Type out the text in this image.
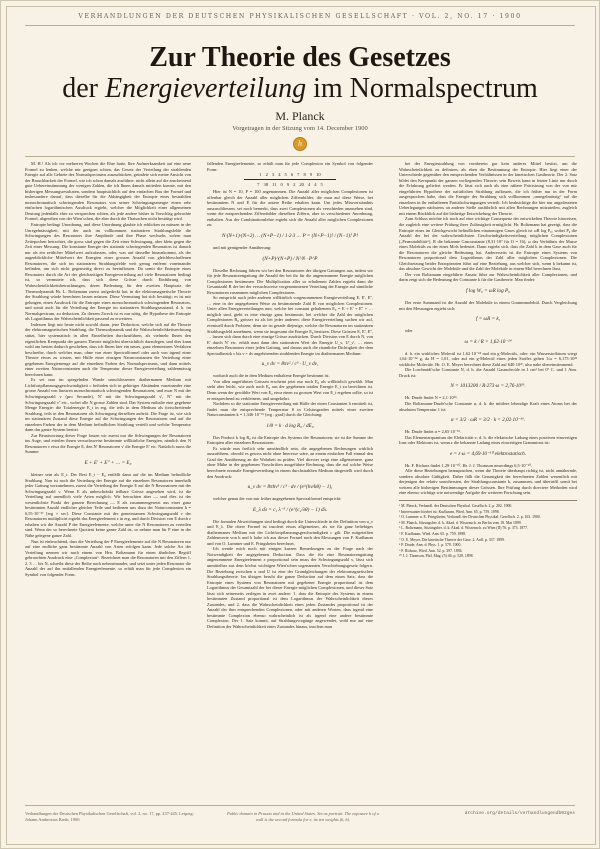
VERHANDLUNGEN DER DEUTSCHEN PHYSIKALISCHEN GESELLSCHAFT · VOL. 2, NO. 17 · 1900
Zur Theorie des Gesetzes
der Energieverteilung im Normalspectrum
M. Planck
Vorgetragen in der Sitzung vom 14. December 1900
h

M. H.! Als ich vor mehreren Wochen die Ehre hatte, Ihre Aufmerksamkeit auf eine neue Formel zu lenken, welche mir geeignet schien, das Gesetz der Verteilung der strahlenden Energie auf alle Gebiete des Normalspectrums auszudrücken, gründete sich meine Ansicht von der Brauchbarkeit der Formel, wie ich schon damals ausführte, nicht allein auf die anscheinend gute Uebereinstimmung der wenigen Zahlen, die ich Ihnen damals mitteilen konnte, mit den bisherigen Messungsresultaten, sondern hauptsächlich auf den einfachen Bau der Formel und insbesondere darauf, dass dieselbe für die Abhängigkeit der Entropie eines bestrahlten monochromatisch schwingenden Resonators von seiner Schwingungsenergie einen sehr einfachen logarithmischen Ausdruck ergiebt, welcher die Möglichkeit einer allgemeinen Deutung jedenfalls eher zu versprechen schien, als jede andere bisher in Vorschlag gebrachte Formel, abgesehen von der Wien'schen, die aber durch die Thatsachen nicht bestätigt wird.

Entropie bedingt Unordnung, und diese Unordnung glaubte ich erblicken zu müssen in der Unregelmässigkeit, mit der auch im vollkommen stationären Strahlungsfelde die Schwingungen des Resonators ihre Amplitude und ihre Phase wechseln, sofern man Zeitepochen betrachtet, die gross sind gegen die Zeit einer Schwingung, aber klein gegen die Zeit einer Messung. Die konstante Energie des stationär schwingenden Resonators ist danach nur als ein zeitlicher Mittelwert aufzufassen, oder, was auf dasselbe hinauskommt, als der augenblickliche Mittelwert der Energien einer grossen Anzahl von gleichbeschaffenen Resonatoren, die sich im stationären Strahlungsfelde weit genug entfernt voneinander befinden, um sich nicht gegenseitig direct zu beeinflussen. Da somit die Entropie eines Resonators durch die Art der gleichzeitigen Energieverteilung auf viele Resonatoren bedingt ist, so vermutete ich, dass sich diese Grösse durch Einführung von Wahrscheinlichkeitsbetrachtungen, deren Bedeutung für den zweiten Hauptsatz der Thermodynamik Hr. L. Boltzmann zuerst aufgedeckt hat, in die elektromagnetische Theorie der Strahlung würde berechnen lassen müssen. Diese Vermutung hat sich bestätigt; es ist mir gelungen, einen Ausdruck für die Entropie eines monochromatisch schwingenden Resonators, und somit auch für die Verteilung der Energie im stationären Strahlungszustand, d. h. im Normalspectrum, zu deduciren. Zu diesem Zweck ist es nur nötig, die Hypothese der Entropie als Logarithmus der Wahrscheinlichkeit passend zu erweitern.

Indessen liegt mir heute nicht sowohl daran, jene Deduction, welche sich auf die Theorie der elektromagnetischen Strahlung, die Thermodynamik und die Wahrscheinlichkeitsrechnung stützt, hier systematisch in allen Einzelheiten durchzuführen, als vielmehr Ihnen den eigentlichen Kernpunkt der ganzen Theorie möglichst übersichtlich darzulegen, und dies kann wohl am besten dadurch geschehen, dass ich Ihnen hier ein neues, ganz elementares Verfahren beschreibe, durch welches man, ohne von einer Spectralformel oder auch von irgend einer Theorie etwas zu wissen, mit Hülfe einer einzigen Naturconstanten die Verteilung einer gegebenen Energiemenge auf die einzelnen Farben des Normalspectrums, und dann mittels einer zweiten Naturconstanten auch die Temperatur dieser Energieverteilung zahlenmässig berechnen kann.

Es sei nun im spiegelnden Wande umschlossenen diathermanen Medium mit Lichtfortpflanzungsgeschwindigkeit c befinden sich in gehöriger Abständen voneinander eine grosse Anzahl von linearen monochromatisch schwingenden Resonatoren, und zwar N mit der Schwingungszahl ν (pro Secunde), N' mit der Schwingungszahl ν', N'' mit der Schwingungszahl ν'' etc., wobei alle N grosse Zahlen sind. Das System enthalte eine gegebene Menge Energie: die Totalenergie E_t in erg, die teils in dem Medium als fortschreitende Strahlung, teils in den Resonatoren als Schwingung derselben auftritt. Die Frage ist, wie sich im stationären Zustand diese Energie auf die Schwingungen der Resonatoren und auf die einzelnen Farben der in dem Medium befindlichen Strahlung verteilt und welche Temperatur dann das ganze System besitzt.

Zur Beantwortung dieser Frage fassen wir zuerst nur die Schwingungen der Resonatoren ins Auge, und erteilen ihnen versuchsweise bestimmte willkürliche Energien, nämlich den N Resonatoren ν etwa die Energie E, den N' Resonatoren ν' die Energie E' etc. Natürlich muss die Summe:

E + E' + E'' + … = E₀

kleiner sein als E_t. Der Rest E_t − E₀ entfällt dann auf die im Medium befindliche Strahlung. Nun ist noch die Verteilung der Energie auf die einzelnen Resonatoren innerhalb jeder Gattung vorzunehmen, zuerst die Verteilung der Energie E auf die N Resonatoren mit der Schwingungszahl ν. Wenn E als unbeschränkt teilbare Grösse angesehen wird, ist die Verteilung auf unendlich viele Arten möglich. Wir betrachten aber — und dies ist der wesentlichste Punkt der ganzen Berechnung — E als zusammengesetzt aus einer ganz bestimmten Anzahl endlicher gleicher Teile und bedienen uns dazu der Naturconstanten h = 6,55·10⁻²⁷ [erg × sec]. Diese Constante mit der gemeinsamen Schwingungszahl ν der Resonatoren multiplicirt ergiebt das Energieelement ε in erg, und durch Division von E durch ε erhalten wir die Anzahl P der Energieelemente, welche unter die N Resonatoren zu verteilen sind. Wenn der so berechnete Quotient keine ganze Zahl ist, so nehme man für P eine in der Nähe gelegene ganze Zahl.

Nun ist einleuchtend, dass die Verteilung der P Energieelemente auf die N Resonatoren nur auf eine endliche ganz bestimmte Anzahl von Arten erfolgen kann. Jede solche Art der Verteilung nennen wir nach einem von Hrn. Boltzmann für einen ähnlichen Begriff gebrauchten Ausdruck eine „Complexion“. Bezeichnet man die Resonatoren mit den Ziffern 1, 2, 3 … bis N, schreibt diese der Reihe nach nebeneinander, und setzt unter jeden Resonator die Anzahl der auf ihn entfallenden Energieelemente, so erhält man für jede Complexion ein Symbol von folgender Form:

fallenden Energieelemente, so erhält man für jede Complexion ein Symbol von folgender Form:

1 2 3 4 5 6 7 8 9 10
7 38 11 0 9 2 20 4 4 5

Hier ist N = 10, P = 100 angenommen. Die Anzahl aller möglichen Complexionen ist offenbar gleich der Anzahl aller möglichen Ziffernbilder, die man auf diese Weise, bei bestimmtem N und P, für die untere Reihe erhalten kann. Um jedes Missverständnis auszuschliessen, sei noch bemerkt, dass zwei Complexionen als verschieden anzusehen sind, wenn die entsprechenden Ziffernbilder dieselben Ziffern, aber in verschiedener Anordnung, enthalten. Aus der Combinationslehre ergiebt sich die Anzahl aller möglichen Complexionen zu:

N·(N+1)·(N+2) … (N+P−1) / 1·2·3 … P = (N+P−1)! / (N−1)! P!

und mit genügender Annäherung:

(N+P)^(N+P) / N^N · P^P

Dieselbe Rechnung führen wir bei den Resonatoren der übrigen Gattungen aus, indem wir für jede Resonatorengattung die Anzahl der bei ihr für die angenommene Energie möglichen Complexionen bestimmen. Die Multiplication aller so erhaltenen Zahlen ergiebt dann die Gesamtzahl R der bei der versuchsweise vorgenommenen Verteilung der Energie auf sämtliche Resonatoren zusammen möglichen Complexionen.

So entspricht auch jeder anderen willkürlich vorgenommenen Energieverteilung E, E', E'', … eine in der angegebenen Weise zu bestimmende Zahl R von möglichen Complexionen. Unter allen Energieverteilungen nun, welche bei constant gehaltenem E₀ = E + E' + E'' + … möglich sind, giebt es eine einzige ganz bestimmte, bei welcher die Zahl der möglichen Complexionen R₀ grösser ist als bei jeder anderen; diese Energieverteilung suchen wir auf, eventuell durch Probiren; denn sie ist gerade diejenige, welche die Resonatoren im stationären Strahlungsfeld annehmen, wenn sie insgesamt die Energie E₀ besitzen. Diese Grössen E, E', E'', … lassen sich dann durch eine einzige Grösse ausdrücken. Durch Division von E durch N, von E' durch N' etc. erhält man dann den stationären Wert der Energie U_ν, U'_ν', … eines einzelnen Resonators einer jeden Gattung, und daraus auch die räumliche Dichtigkeit der dem Spectralbezirk ν bis ν + dν angehörenden strahlenden Energie im diathermanen Medium:

u_ν dν = 8πν² / c³ · U_ν dν,

wodurch auch die in dem Medium enthaltene Energie bestimmt ist.

Von allen angeführten Grössen erscheint jetzt nur noch E₀ als willkürlich gewählt. Man sieht aber leicht, wie auch noch E₀ aus der gegebenen totalen Energie E_t zu berechnen ist. Denn wenn der gewählte Wert von E₀ etwa einen zu grossen Wert von E_t ergeben sollte, so ist er entsprechend zu verkleinern, und umgekehrt.

Nachdem so die stationäre Energieverteilung mit Hülfe der einen Constanten h ermittelt ist, findet man die entsprechende Temperatur θ in Celsiusgraden mittels einer zweiten Naturconstanten k = 1,346·10⁻¹⁶ [erg : grad] durch die Gleichung:

1/θ = k · d log R₀ / dE₀

Das Product k log R₀ ist die Entropie des Systems der Resonatoren; sie ist die Summe der Entropien aller einzelnen Resonatoren.

Es würde nun freilich sehr umständlich sein, die angegebenen Rechnungen wirklich auszuführen, obwohl es gewiss nicht ohne Interesse wäre, an einem einfachen Fall einmal den Grad der Annäherung an die Wahrheit zu prüfen. Viel directer zeigt eine allgemeinere, ganz ohne Mühe in der gegebenen Vorschriften ausgeführte Rechnung, dass die auf solche Weise berechnete normale Energieverteilung in einem durchstrahlten Medium dargestellt wird durch den Ausdruck:

u_ν dν = 8πhν³ / c³ · dν / (e^(hν/kθ) − 1),

welcher genau der von mir früher angegebenen Spectralformel entspricht:

E_λ dλ = c₁ λ⁻⁵ / (e^(c₂/λθ) − 1) dλ.

Die formalen Abweichungen sind bedingt durch die Unterschiede in der Definition von u_ν und E_λ. Die obere Formel ist insofern etwas allgemeiner, als sie für ganz beliebiges diathermanes Medium mit der Lichtfortpflanzungsgeschwindigkeit c gilt. Die mitgeteilten Zahlenwerte von h und k habe ich aus dieser Formel nach den Messungen von F. Kurlbaum und von O. Lummer und E. Pringsheim berechnet.

Ich wende mich noch mit einigen kurzen Bemerkungen zu der Frage nach der Notwendigkeit der angegebenen Deduction. Dass die für eine Resonatorengattung angenommene Energieelement ε proportional sein muss der Schwingungszahl ν, lässt sich unmittelbar aus dem höchst wichtigen Wien'schen sogenannten Verschiebungsgesetz folgern. Die Beziehung zwischen u und U ist eine der Grundgleichungen der elektromagnetischen Strahlungstheorie. Im übrigen beruht die ganze Deduction auf dem einen Satz, dass die Entropie eines Systems von Resonatoren mit gegebener Energie proportional ist dem Logarithmus der Gesamtzahl der bei dieser Energie möglichen Complexionen, und dieser Satz lässt sich seinerseits zerlegen in zwei andere: 1. dass die Entropie des Systems in einem bestimmten Zustand proportional ist dem Logarithmus der Wahrscheinlichkeit dieses Zustandes, und 2. dass die Wahrscheinlichkeit eines jeden Zustandes proportional ist der Anzahl der ihm entsprechenden Complexionen, oder mit anderen Worten, dass irgend eine bestimmte Complexion ebenso wahrscheinlich ist als irgend eine andere bestimmte Complexion. Der 1. Satz kommt, auf Strahlungsvorgänge angewendet, wohl nur auf eine Definition der Wahrscheinlichkeit eines Zustandes hinaus, insofern man

bei der Energiestrahlung von vornherein gar kein anderes Mittel besitzt, um die Wahrscheinlichkeit zu definiren, als eben die Bestimmung der Entropie. Hier liegt einer der Unterschiede gegenüber den entsprechenden Verhältnissen in der kinetischen Gastheorie. Der 2. Satz bildet den Kernpunkt der ganzen vorliegenden Theorie; sein Beweis kann in letzter Linie nur durch die Erfahrung geliefert werden. Er lässt sich auch als eine nähere Präcisirung von der von mir eingeführten Hypothese der natürlichen Strahlung auffassen, die ich früher nur in der Form ausgesprochen habe, dass die Energie der Strahlung sich vollkommen „unregelmässig“ auf die einzelnen in ihr enthaltenen Partialschwingungen verteilt. Ich beabsichtige die hier nur angedeuteten Ueberlegungen nächstens an anderer Stelle ausführlich mit allen Rechnungen mitzuteilen, zugleich mit einem Rückblick auf die bisherige Entwickelung der Theorie.

Zum Schluss möchte ich noch auf eine wichtige Consequenz der entwickelten Theorie hinweisen, die zugleich eine weitere Prüfung ihrer Zulässigkeit ermöglicht. Hr. Boltzmann hat gezeigt, dass die Entropie eines im Gleichgewicht befindlichen einatomigen Gases gleich ist ωR log P₀, wobei P₀ die Anzahl der bei der wahrscheinlichsten Geschwindigkeitsverteilung möglichen Complexionen („Permutabilität“), R die bekannte Gasconstante (8,31·10⁷ für O = 16), ω das Verhältnis der Masse eines Moleküls zu der eines Mols bedeutet. Dann ergiebt sich, dass die Zahl k in dem Gase auch für die Resonatoren die gleiche Bedeutung hat. Andererseits ist die Entropie eines Systems von Resonatoren proportional dem Logarithmus der Zahl aller möglichen Complexionen. Die Gleichsetzung beider Entropiearten führt auf eine Beziehung, aus welcher sich, wenn k bekannt ist, das absolute Gewicht der Moleküle und die Zahl der Moleküle in einem Mol berechnen lässt.

Der von Boltzmann eingeführte Ansatz führt zur Wahrscheinlichkeit aller Complexionen, und darin zeigt sich die Bedeutung der Constante k für die Gastheorie. Man findet:

f log W₀ = ωR log P₀

Der erste Summand ist die Anzahl der Moleküle in einem Grammmolekül. Durch Vergleichung mit den Messungen ergiebt sich:

f = ωR = k,

oder

ω = k / R = 1,62·10⁻²⁴

d. h. ein wirkliches Molecül ist 1,62·10⁻²⁴ mal ein g‑Molecüls, oder: ein Wasserstoffatom wiegt 1,64·10⁻²⁴ g, da H = 1,01, oder auf ein g‑Molecül eines jeden Stoffes gehen 1/ω = 6,175·10²³ wirkliche Molecüle. Hr. O. E. Meyer berechnet diese Zahl auf 640·10²¹, also nahe übereinstimmend.

Die Loschmidt'sche Constante N, d. h. die Anzahl Gasmolecüle in 1 cm³ bei 0° C. und 1 Atm. Druck ist:

N = 1013200 / R·273·ω = 2,76·10¹⁹.

Hr. Drude findet N = 2,1·10¹⁹.

Die Boltzmann-Drude'sche Constante α, d. h. die mittlere lebendige Kraft eines Atoms bei der absoluten Temperatur 1 ist:

α = 3/2 · ωR = 3/2 · k = 2,02·10⁻¹⁶.

Hr. Drude findet α = 2,65·10⁻¹⁶.

Das Elementarquantum der Elektricität e, d. h. die elektrische Ladung eines positiven einwertigen Ions oder Elektrons ist, wenn ε die bekannte Ladung eines einwertigen Grammions ist:

e = ε·ω = 4,69·10⁻¹⁰ elektrostatisch.

Hr. F. Richarz findet 1,29·10⁻¹⁰, Hr. J. J. Thomson neuerdings 6,5·10⁻¹⁰.

Alle diese Beziehungen beanspruchen, wenn die Theorie überhaupt richtig ist, nicht annähernde, sondern absolute Gültigkeit. Daher fällt die Genauigkeit der berechneten Zahlen wesentlich mit derjenigen der relativ unsichersten, der Strahlungsconstante k, zusammen, und übertrifft somit bei weitem alle bisherigen Bestimmungen dieser Grössen. Ihre Prüfung durch directere Methoden wird eine ebenso wichtige wie notwendige Aufgabe der weiteren Forschung sein.

¹ M. Planck, Verhandl. der Deutschen Physikal. Gesellsch. 2, p. 202. 1900.
² Interessanter hierbei ist: Kurlbaum, Wied. Ann. 65. p. 759. 1898.
³ O. Lummer u. E. Pringsheim, Verhandl. der Deutschen Physikal. Gesellsch. 2. p. 163. 1900.
⁴ M. Planck, Sitzungsber. d. k. Akad. d. Wissensch. zu Berlin vom 18. Mai 1899.
⁵ L. Boltzmann, Sitzungsber. d. k. Akad. d. Wissensch. zu Wien (II) 76. p. 373. 1877.
⁶ F. Kurlbaum, Wied. Ann. 65. p. 759. 1898.
⁷ O. E. Meyer, Die kinetische Theorie der Gase. 2. Aufl. p. 337. 1899.
⁸ P. Drude, Ann. d. Phys. 1. p. 578. 1900.
⁹ F. Richarz, Wied. Ann. 52. p. 397. 1894.
¹⁰ J. J. Thomson, Phil. Mag. (5) 46. p. 528. 1898.
Verhandlungen der Deutschen Physikalischen Gesellschaft, vol. 2, no. 17, pp. 237-245. Leipzig: Johann Ambrosius Barth, 1900.
Public domain in Prussia and in the United States. Set as portrait. The exposure h of a wall is the second formula for e, its ten weights (k, h).
archive.org/details/verhandlungendb02ges
